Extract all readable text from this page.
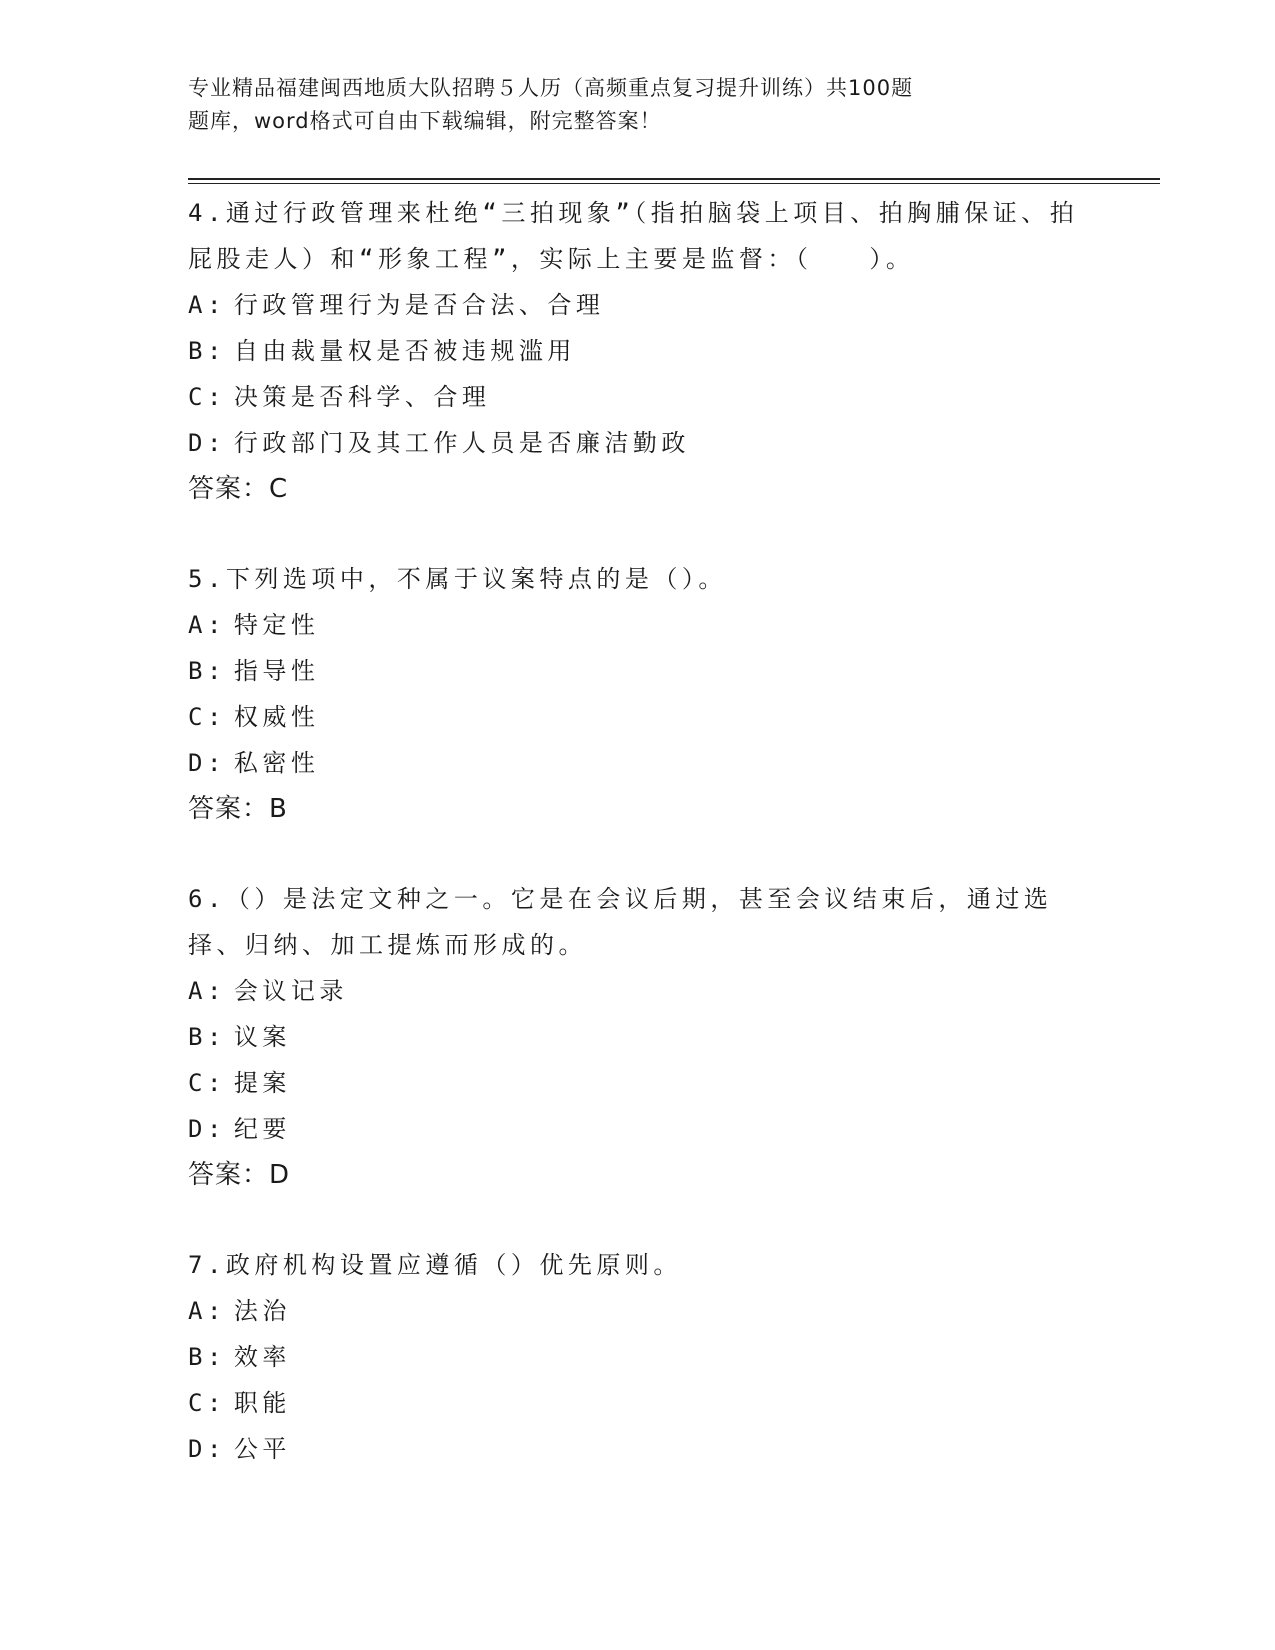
专业精品福建闽西地质大队招聘５人历（高频重点复习提升训练）共100题
题库，word格式可自由下载编辑，附完整答案！

4.通过行政管理来杜绝“三拍现象”（指拍脑袋上项目、拍胸脯保证、拍屁股走人）和“形象工程”，实际上主要是监督：（　　）。

A: 行政管理行为是否合法、合理

B: 自由裁量权是否被违规滥用

C: 决策是否科学、合理

D: 行政部门及其工作人员是否廉洁勤政

答案：C

5.下列选项中，不属于议案特点的是（）。

A: 特定性

B: 指导性

C: 权威性

D: 私密性

答案：B

6.（）是法定文种之一。它是在会议后期，甚至会议结束后，通过选择、归纳、加工提炼而形成的。

A: 会议记录

B: 议案

C: 提案

D: 纪要

答案：D

7.政府机构设置应遵循（）优先原则。

A: 法治

B: 效率

C: 职能

D: 公平
